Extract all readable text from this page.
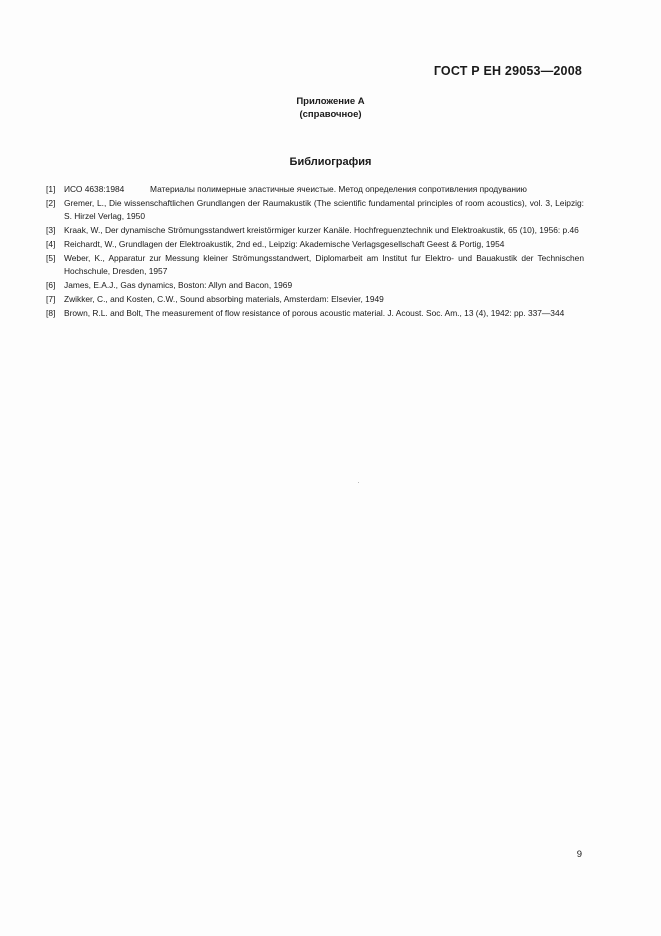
ГОСТ Р ЕН 29053—2008
Приложение А
(справочное)
Библиография
[1]	ИСО 4638:1984	Материалы полимерные эластичные ячеистые. Метод определения сопротивления продуванию
[2]	Gremer, L., Die wissenschaftlichen Grundlangen der Raumakustik (The scientific fundamental principles of room acoustics), vol. 3, Leipzig: S. Hirzel Verlag, 1950
[3]	Kraak, W., Der dynamische Strömungsstandwert kreistörmiger kurzer Kanäle. Hochfreguenztechnik und Elektroakustik, 65 (10), 1956: p.46
[4]	Reichardt, W., Grundlagen der Elektroakustik, 2nd ed., Leipzig: Akademische Verlagsgesellschaft Geest & Portig, 1954
[5]	Weber, K., Apparatur zur Messung kleiner Strömungsstandwert, Diplomarbeit am Institut fur Elektro- und Bauakustik der Technischen Hochschule, Dresden, 1957
[6]	James, E.A.J., Gas dynamics, Boston: Allyn and Bacon, 1969
[7]	Zwikker, C., and Kosten, C.W., Sound absorbing materials, Amsterdam: Elsevier, 1949
[8]	Brown, R.L. and Bolt, The measurement of flow resistance of porous acoustic material. J. Acoust. Soc. Am., 13 (4), 1942: pp. 337—344
9
